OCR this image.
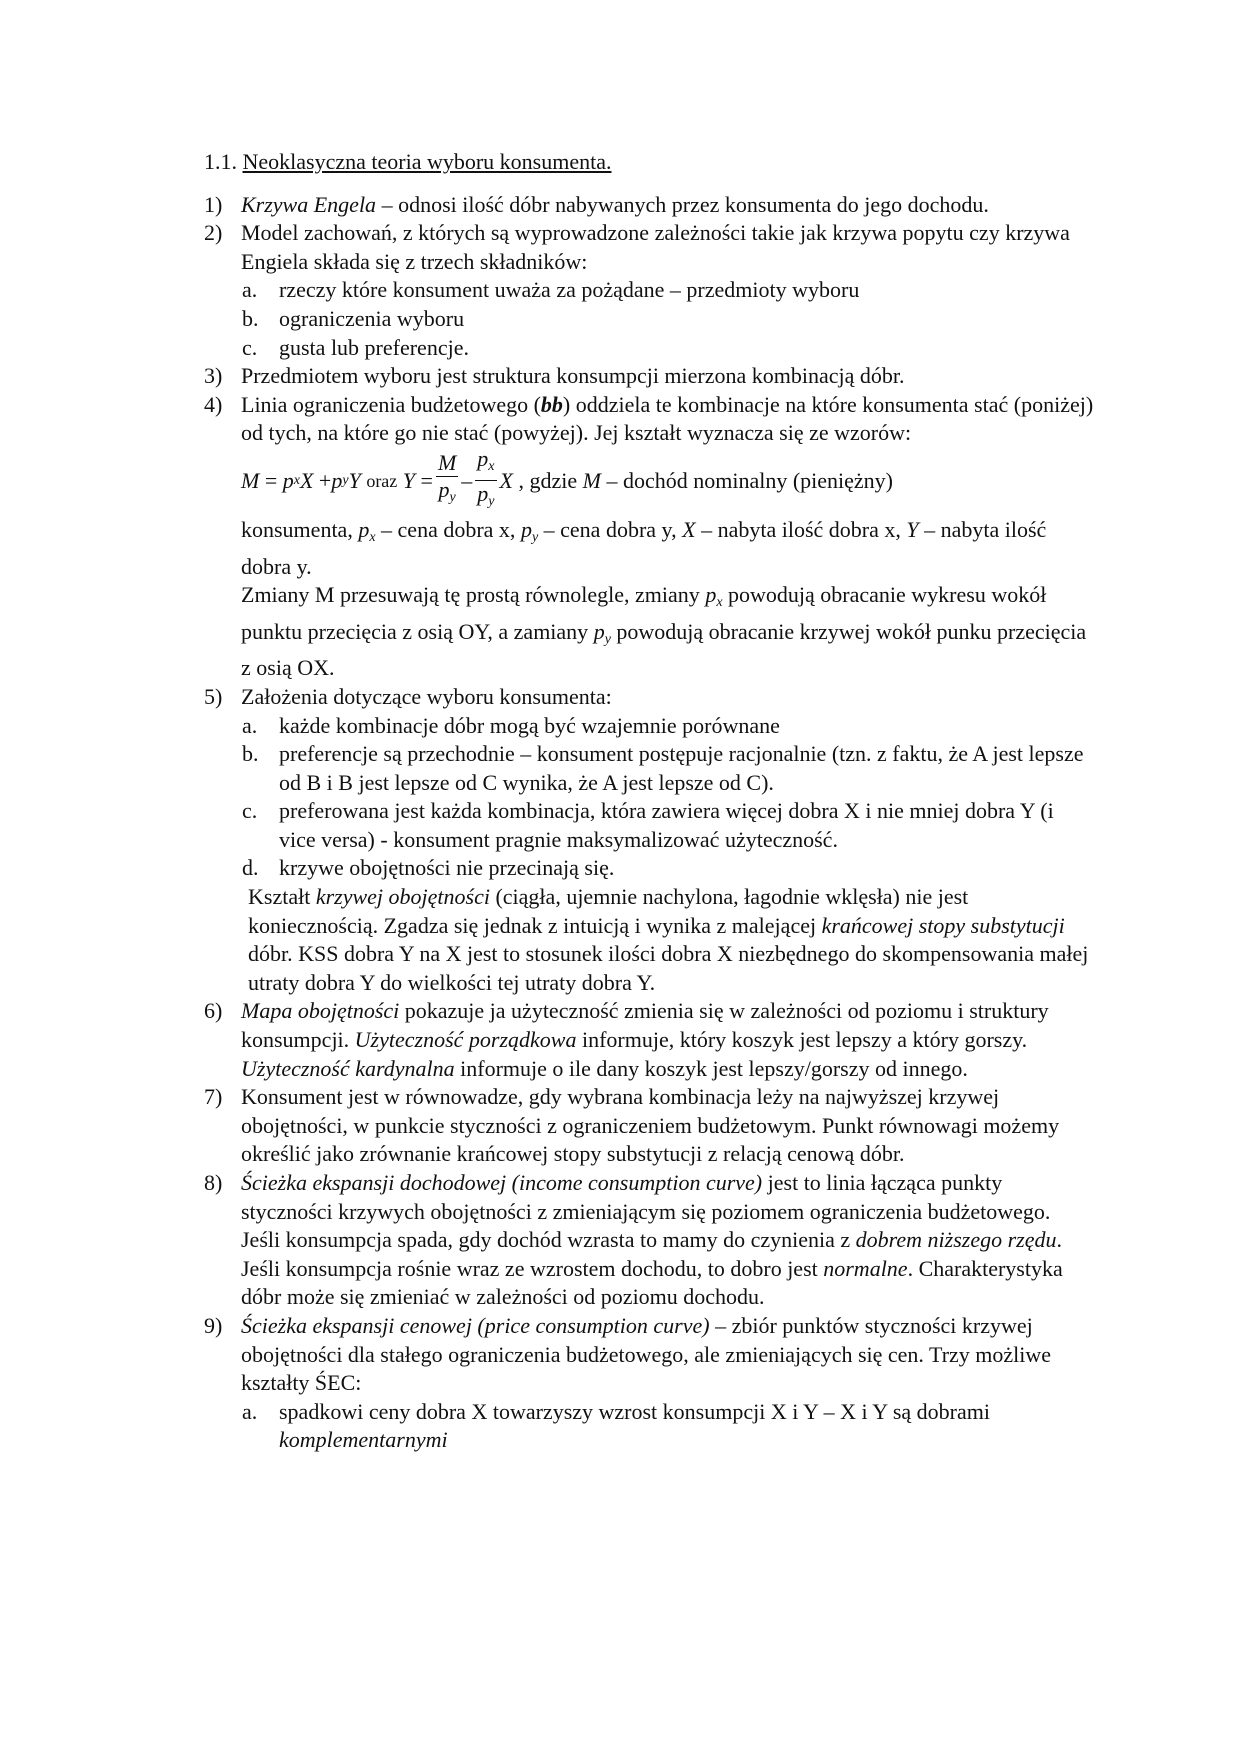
1.1. Neoklasyczna teoria wyboru konsumenta.
1) Krzywa Engela – odnosi ilość dóbr nabywanych przez konsumenta do jego dochodu.
2) Model zachowań, z których są wyprowadzone zależności takie jak krzywa popytu czy krzywa Engiela składa się z trzech składników:
a. rzeczy które konsument uważa za pożądane – przedmioty wyboru
b. ograniczenia wyboru
c. gusta lub preferencje.
3) Przedmiotem wyboru jest struktura konsumpcji mierzona kombinacją dóbr.
4) Linia ograniczenia budżetowego (bb) oddziela te kombinacje na które konsumenta stać (poniżej) od tych, na które go nie stać (powyżej). Jej kształt wyznacza się ze wzorów:
M
=
p x X
+ p y Y
oraz
Y
= $\frac{M}{py} - \frac{px}{py}$ X
, gdzie
M
– dochód nominalny (pieniężny)
konsumenta, px – cena dobra x, py – cena dobra y, X – nabyta ilość dobra x, Y – nabyta ilość dobra y.
Zmiany M przesuwają tę prostą równolegle, zmiany px powodują obracanie wykresu wokół punktu przecięcia z osią OY, a zamiany py powodują obracanie krzywej wokół punku przecięcia z osią OX.
5) Założenia dotyczące wyboru konsumenta:
a. każde kombinacje dóbr mogą być wzajemnie porównane
b. preferencje są przechodnie – konsument postępuje racjonalnie (tzn. z faktu, że A jest lepsze od B i B jest lepsze od C wynika, że A jest lepsze od C).
c. preferowana jest każda kombinacja, która zawiera więcej dobra X i nie mniej dobra Y (i vice versa) - konsument pragnie maksymalizować użyteczność.
d. krzywe obojętności nie przecinają się.
Kształt krzywej obojętności (ciągła, ujemnie nachylona, łagodnie wklęsła) nie jest koniecznością. Zgadza się jednak z intuicją i wynika z malejącej krańcowej stopy substytucji dóbr. KSS dobra Y na X jest to stosunek ilości dobra X niezbędnego do skompensowania małej utraty dobra Y do wielkości tej utraty dobra Y.
6) Mapa obojętności pokazuje ja użyteczność zmienia się w zależności od poziomu i struktury konsumpcji. Użyteczność porządkowa informuje, który koszyk jest lepszy a który gorszy. Użyteczność kardynalna informuje o ile dany koszyk jest lepszy/gorszy od innego.
7) Konsument jest w równowadze, gdy wybrana kombinacja leży na najwyższej krzywej obojętności, w punkcie styczności z ograniczeniem budżetowym. Punkt równowagi możemy określić jako zrównanie krańcowej stopy substytucji z relacją cenową dóbr.
8) Ścieżka ekspansji dochodowej (income consumption curve) jest to linia łącząca punkty styczności krzywych obojętności z zmieniającym się poziomem ograniczenia budżetowego. Jeśli konsumpcja spada, gdy dochód wzrasta to mamy do czynienia z dobrem niższego rzędu. Jeśli konsumpcja rośnie wraz ze wzrostem dochodu, to dobro jest normalne. Charakterystyka dóbr może się zmieniać w zależności od poziomu dochodu.
9) Ścieżka ekspansji cenowej (price consumption curve) – zbiór punktów styczności krzywej obojętności dla stałego ograniczenia budżetowego, ale zmieniających się cen. Trzy możliwe kształty ŚEC:
a. spadkowi ceny dobra X towarzyszy wzrost konsumpcji X i Y – X i Y są dobrami komplementarnymi
